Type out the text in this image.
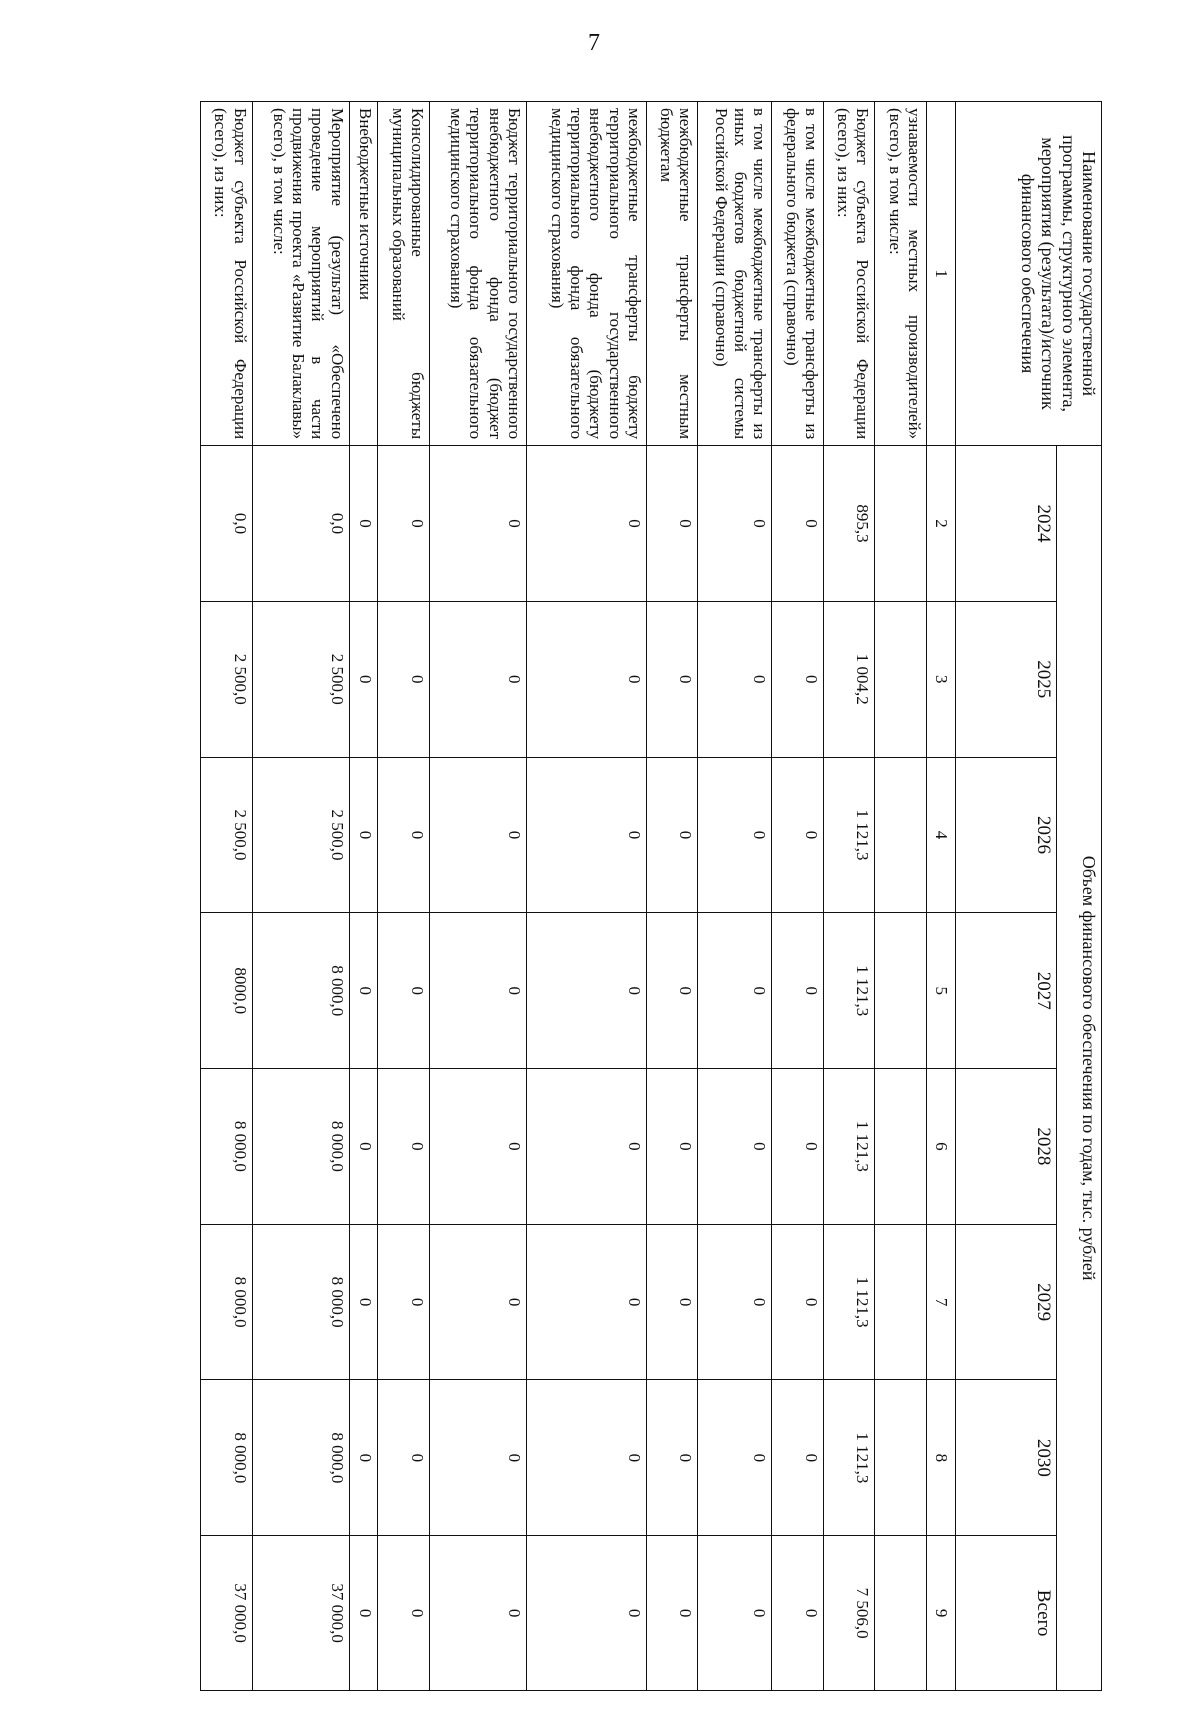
7
Наименование государственной программы, структурного элемента, мероприятия (результата)/источник финансового обеспечения	Объем финансового обеспечения по годам, тыс. рублей							
	2024	2025	2026	2027	2028	2029	2030	Всего
1	2	3	4	5	6	7	8	9
узнаваемости местных производителей» (всего), в том числе:								
Бюджет субъекта Российской Федерации (всего), из них:	895,3	1 004,2	1 121,3	1 121,3	1 121,3	1 121,3	1 121,3	7 506,0
в том числе межбюджетные трансферты из федерального бюджета (справочно)	0	0	0	0	0	0	0	0
в том числе межбюджетные трансферты из иных бюджетов бюджетной системы Российской Федерации (справочно)	0	0	0	0	0	0	0	0
межбюджетные трансферты местным бюджетам	0	0	0	0	0	0	0	0
межбюджетные трансферты бюджету территориального государственного внебюджетного фонда (бюджету территориального фонда обязательного медицинского страхования)	0	0	0	0	0	0	0	0
Бюджет территориального государственного внебюджетного фонда (бюджет территориального фонда обязательного медицинского страхования)	0	0	0	0	0	0	0	0
Консолидированные бюджеты муниципальных образований	0	0	0	0	0	0	0	0
Внебюджетные источники	0	0	0	0	0	0	0	0
Мероприятие (результат) «Обеспечено проведение мероприятий в части продвижения проекта «Развитие Балаклавы» (всего), в том числе:	0,0	2 500,0	2 500,0	8 000,0	8 000,0	8 000,0	8 000,0	37 000,0
Бюджет субъекта Российской Федерации (всего), из них:	0,0	2 500,0	2 500,0	8000,0	8 000,0	8 000,0	8 000,0	37 000,0
